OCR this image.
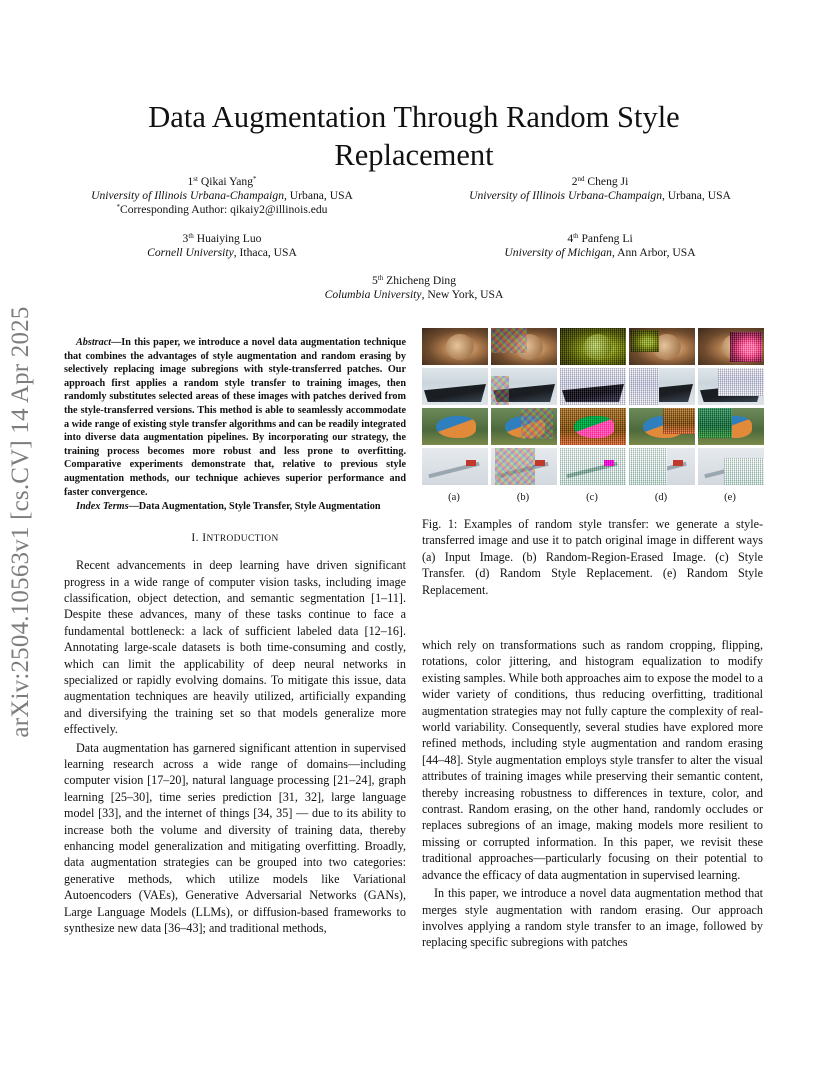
arXiv:2504.10563v1 [cs.CV] 14 Apr 2025
Data Augmentation Through Random Style Replacement
1st Qikai Yang*
University of Illinois Urbana-Champaign, Urbana, USA
*Corresponding Author: qikaiy2@illinois.edu
2nd Cheng Ji
University of Illinois Urbana-Champaign, Urbana, USA
3th Huaiying Luo
Cornell University, Ithaca, USA
4th Panfeng Li
University of Michigan, Ann Arbor, USA
5th Zhicheng Ding
Columbia University, New York, USA

Abstract—In this paper, we introduce a novel data augmentation technique that combines the advantages of style augmentation and random erasing by selectively replacing image subregions with style-transferred patches. Our approach first applies a random style transfer to training images, then randomly substitutes selected areas of these images with patches derived from the style-transferred versions. This method is able to seamlessly accommodate a wide range of existing style transfer algorithms and can be readily integrated into diverse data augmentation pipelines. By incorporating our strategy, the training process becomes more robust and less prone to overfitting. Comparative experiments demonstrate that, relative to previous style augmentation methods, our technique achieves superior performance and faster convergence.

Index Terms—Data Augmentation, Style Transfer, Style Augmentation

I. INTRODUCTION

Recent advancements in deep learning have driven significant progress in a wide range of computer vision tasks, including image classification, object detection, and semantic segmentation [1–11]. Despite these advances, many of these tasks continue to face a fundamental bottleneck: a lack of sufficient labeled data [12–16]. Annotating large-scale datasets is both time-consuming and costly, which can limit the applicability of deep neural networks in specialized or rapidly evolving domains. To mitigate this issue, data augmentation techniques are heavily utilized, artificially expanding and diversifying the training set so that models generalize more effectively.

Data augmentation has garnered significant attention in supervised learning research across a wide range of domains—including computer vision [17–20], natural language processing [21–24], graph learning [25–30], time series prediction [31, 32], large language model [33], and the internet of things [34, 35] — due to its ability to increase both the volume and diversity of training data, thereby enhancing model generalization and mitigating overfitting. Broadly, data augmentation strategies can be grouped into two categories: generative methods, which utilize models like Variational Autoencoders (VAEs), Generative Adversarial Networks (GANs), Large Language Models (LLMs), or diffusion-based frameworks to synthesize new data [36–43]; and traditional methods,

(a)	(b)	(c)	(d)	(e)
Fig. 1: Examples of random style transfer: we generate a style-transferred image and use it to patch original image in different ways (a) Input Image. (b) Random-Region-Erased Image. (c) Style Transfer. (d) Random Style Replacement. (e) Random Style Replacement.

which rely on transformations such as random cropping, flipping, rotations, color jittering, and histogram equalization to modify existing samples. While both approaches aim to expose the model to a wider variety of conditions, thus reducing overfitting, traditional augmentation strategies may not fully capture the complexity of real-world variability. Consequently, several studies have explored more refined methods, including style augmentation and random erasing [44–48]. Style augmentation employs style transfer to alter the visual attributes of training images while preserving their semantic content, thereby increasing robustness to differences in texture, color, and contrast. Random erasing, on the other hand, randomly occludes or replaces subregions of an image, making models more resilient to missing or corrupted information. In this paper, we revisit these traditional approaches—particularly focusing on their potential to advance the efficacy of data augmentation in supervised learning.

In this paper, we introduce a novel data augmentation method that merges style augmentation with random erasing. Our approach involves applying a random style transfer to an image, followed by replacing specific subregions with patches
